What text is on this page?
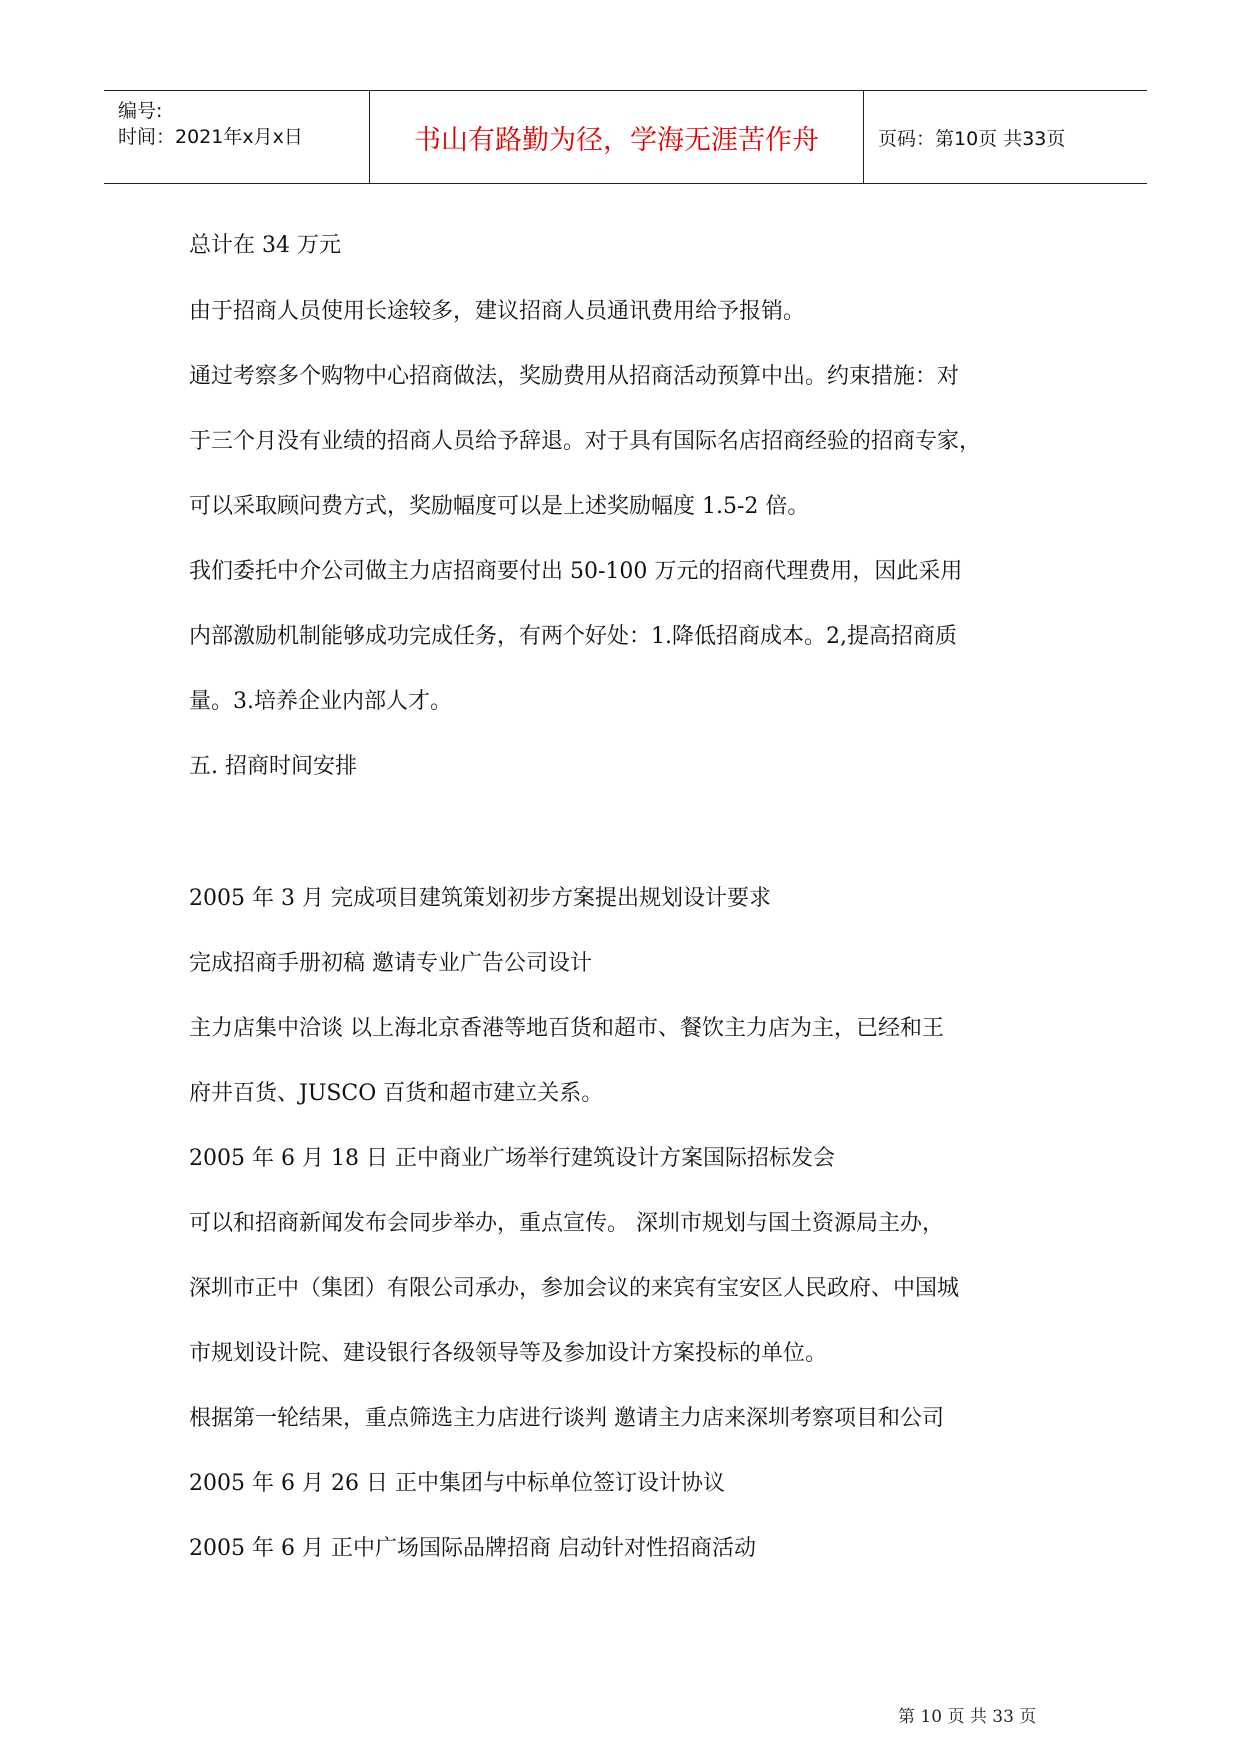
编号:
时间：2021年x月x日	书山有路勤为径，学海无涯苦作舟	页码：第10页 共33页
总计在 34 万元
由于招商人员使用长途较多，建议招商人员通讯费用给予报销。
通过考察多个购物中心招商做法，奖励费用从招商活动预算中出。约束措施：对
于三个月没有业绩的招商人员给予辞退。对于具有国际名店招商经验的招商专家，
可以采取顾问费方式，奖励幅度可以是上述奖励幅度 1.5-2 倍。
我们委托中介公司做主力店招商要付出 50-100 万元的招商代理费用，因此采用
内部激励机制能够成功完成任务，有两个好处：1.降低招商成本。2,提高招商质
量。3.培养企业内部人才。
五. 招商时间安排
2005 年 3 月 完成项目建筑策划初步方案提出规划设计要求
完成招商手册初稿 邀请专业广告公司设计
主力店集中洽谈 以上海北京香港等地百货和超市、餐饮主力店为主，已经和王
府井百货、JUSCO 百货和超市建立关系。
2005 年 6 月 18 日 正中商业广场举行建筑设计方案国际招标发会
可以和招商新闻发布会同步举办，重点宣传。 深圳市规划与国土资源局主办，
深圳市正中（集团）有限公司承办，参加会议的来宾有宝安区人民政府、中国城
市规划设计院、建设银行各级领导等及参加设计方案投标的单位。
根据第一轮结果，重点筛选主力店进行谈判 邀请主力店来深圳考察项目和公司
2005 年 6 月 26 日 正中集团与中标单位签订设计协议
2005 年 6 月 正中广场国际品牌招商 启动针对性招商活动
第 10 页 共 33 页
